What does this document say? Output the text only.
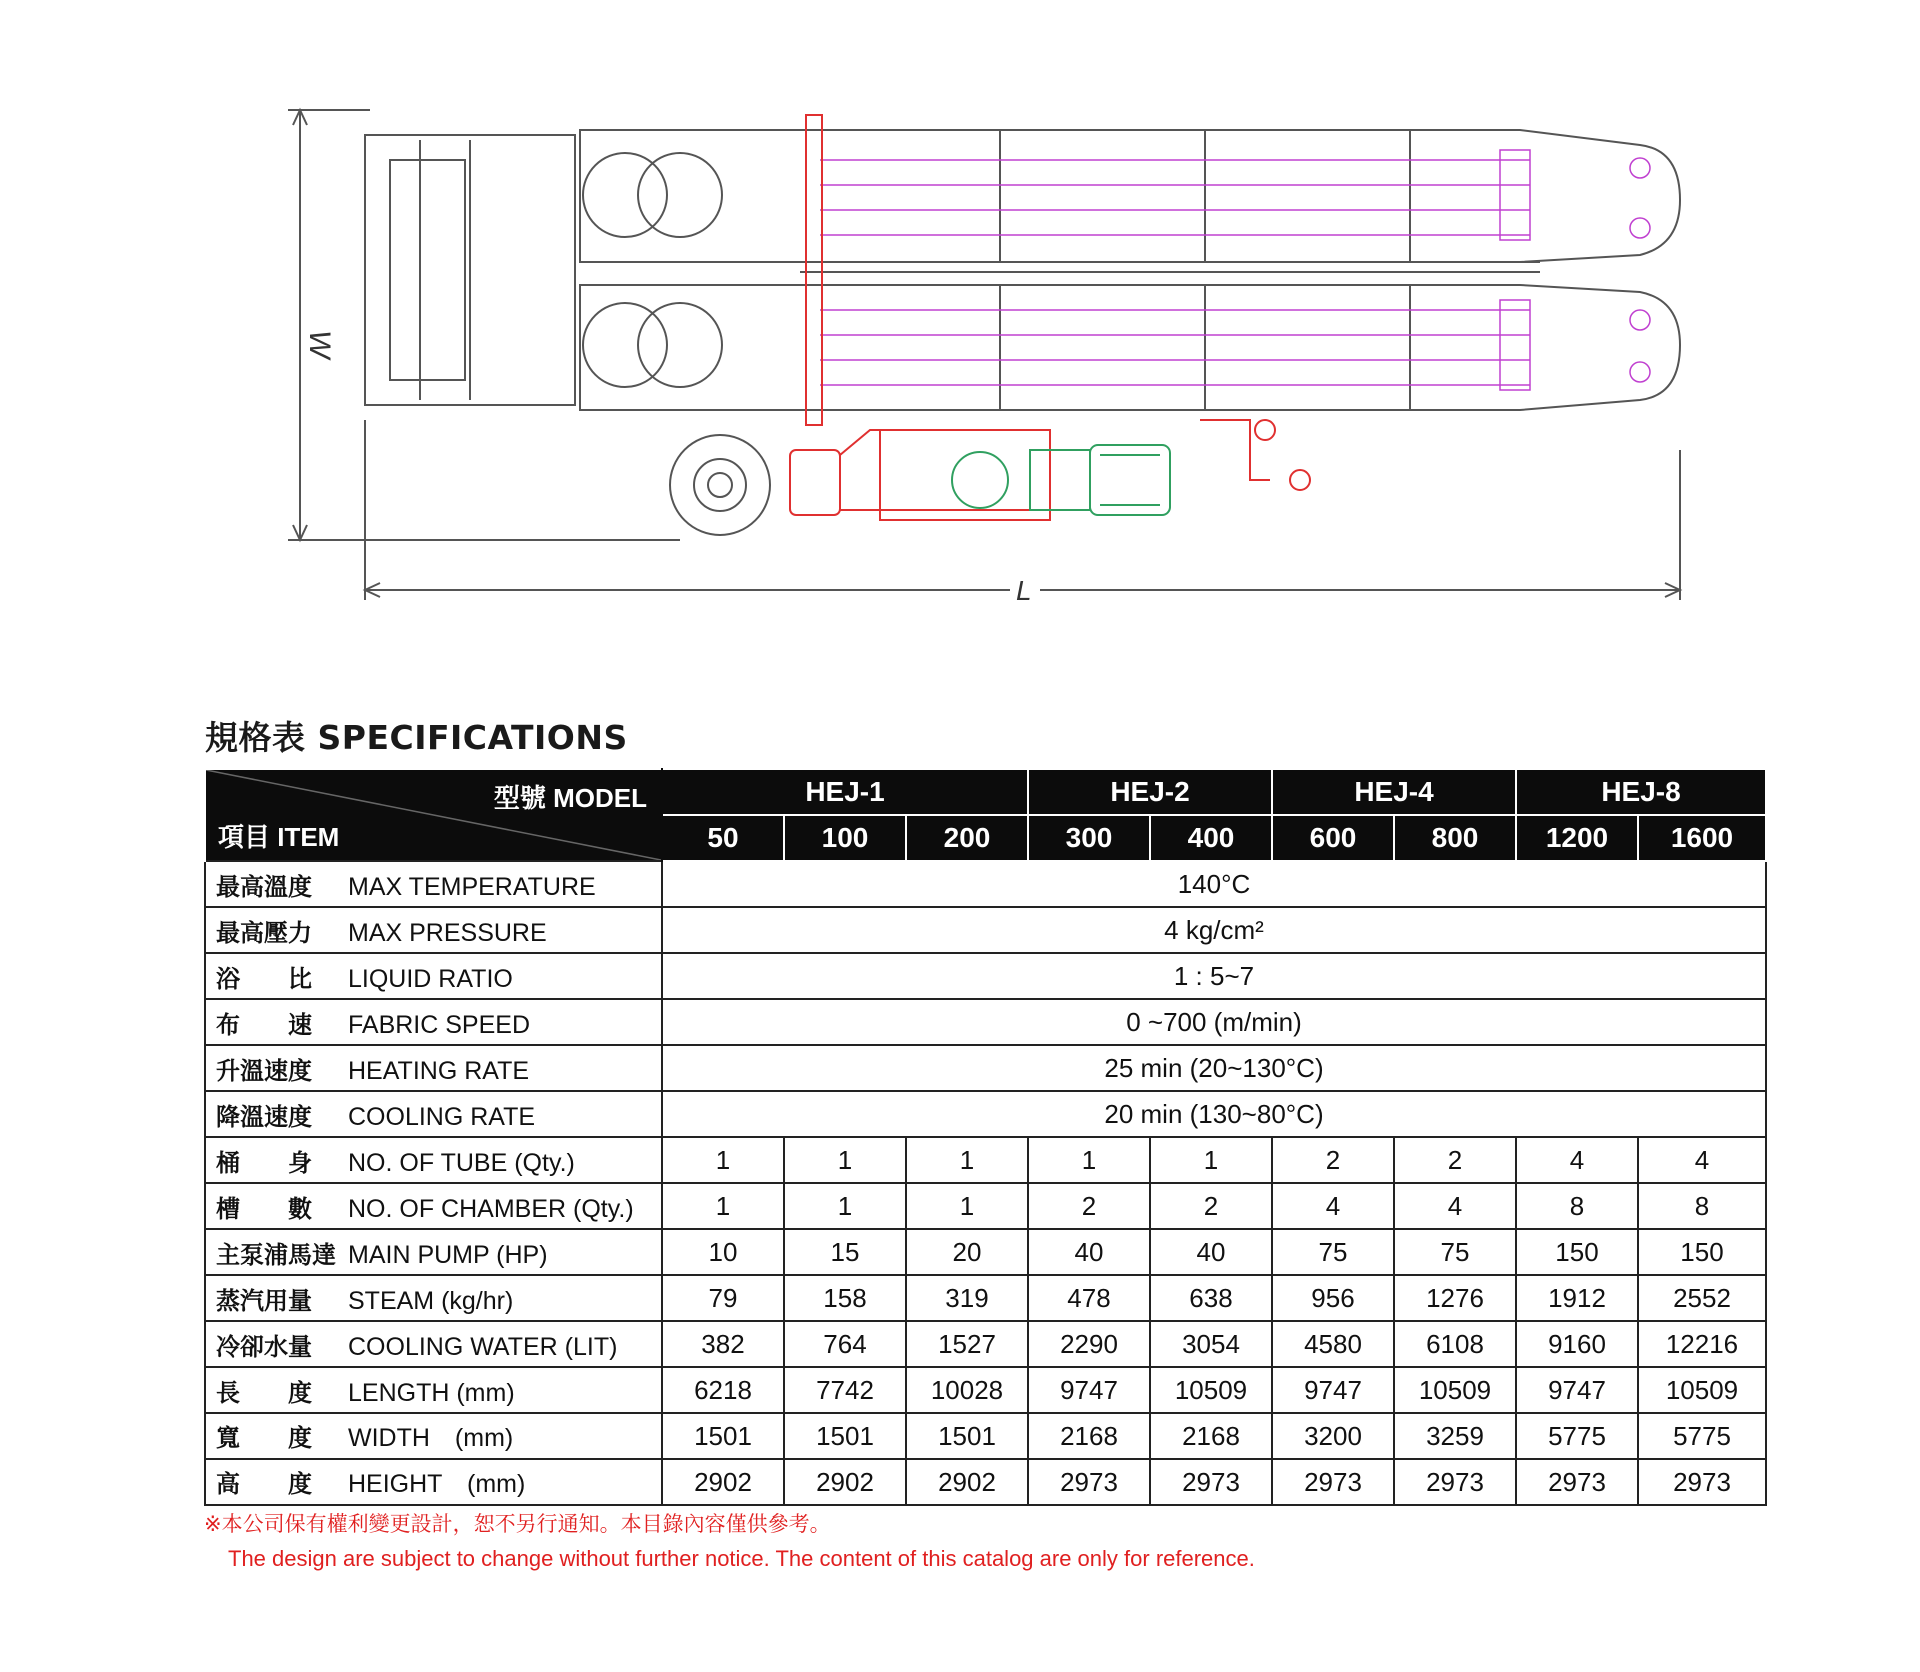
W
L
規格表 SPECIFICATIONS
型號 MODEL
項目 ITEM	HEJ-1			HEJ-2		HEJ-4		HEJ-8	
	50	100	200	300	400	600	800	1200	1600
最高溫度 MAX TEMPERATURE	140°C								
最高壓力 MAX PRESSURE	4 kg/cm²								
浴　　比 LIQUID RATIO	1 : 5~7								
布　　速 FABRIC SPEED	0 ~700 (m/min)								
升溫速度 HEATING RATE	25 min (20~130°C)								
降溫速度 COOLING RATE	20 min (130~80°C)								
桶　　身 NO. OF TUBE (Qty.)	1	1	1	1	1	2	2	4	4
槽　　數 NO. OF CHAMBER (Qty.)	1	1	1	2	2	4	4	8	8
主泵浦馬達 MAIN PUMP (HP)	10	15	20	40	40	75	75	150	150
蒸汽用量 STEAM (kg/hr)	79	158	319	478	638	956	1276	1912	2552
冷卻水量 COOLING WATER (LIT)	382	764	1527	2290	3054	4580	6108	9160	12216
長　　度 LENGTH (mm)	6218	7742	10028	9747	10509	9747	10509	9747	10509
寬　　度 WIDTH　(mm)	1501	1501	1501	2168	2168	3200	3259	5775	5775
高　　度 HEIGHT　(mm)	2902	2902	2902	2973	2973	2973	2973	2973	2973
※本公司保有權利變更設計，恕不另行通知。本目錄內容僅供參考。
The design are subject to change without further notice. The content of this catalog are only for reference.
